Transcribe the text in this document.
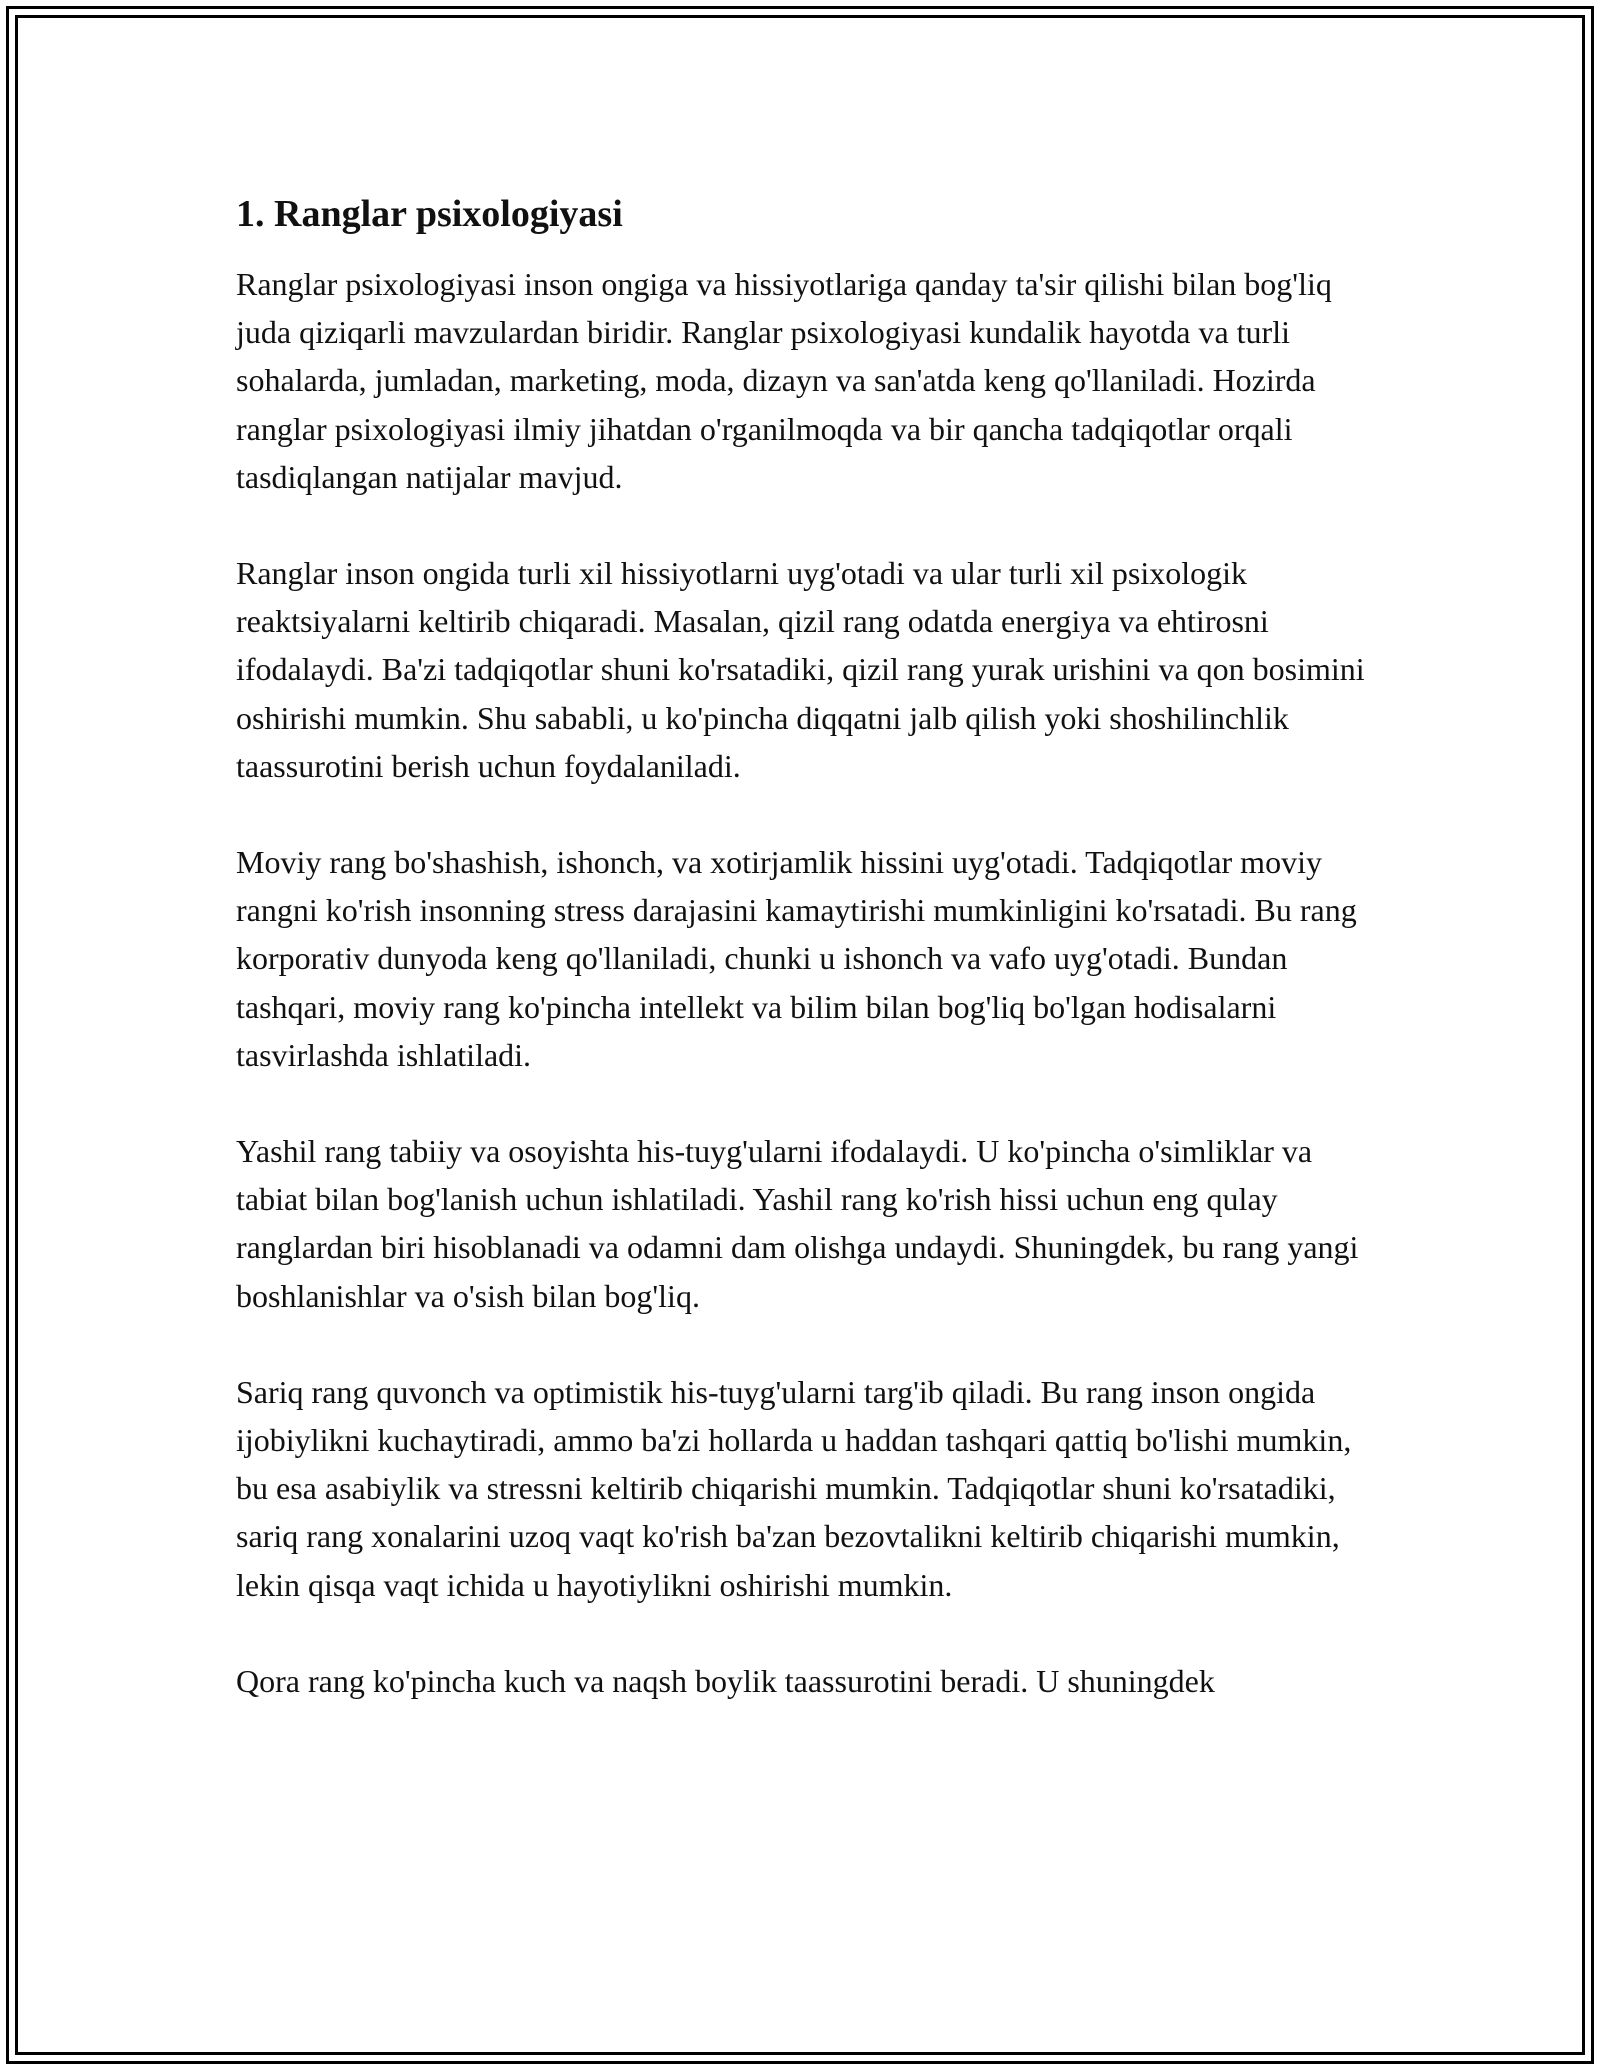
1. Ranglar psixologiyasi

Ranglar psixologiyasi inson ongiga va hissiyotlariga qanday ta'sir qilishi bilan bog'liq juda qiziqarli mavzulardan biridir. Ranglar psixologiyasi kundalik hayotda va turli sohalarda, jumladan, marketing, moda, dizayn va san'atda keng qo'llaniladi. Hozirda ranglar psixologiyasi ilmiy jihatdan o'rganilmoqda va bir qancha tadqiqotlar orqali tasdiqlangan natijalar mavjud.

Ranglar inson ongida turli xil hissiyotlarni uyg'otadi va ular turli xil psixologik reaktsiyalarni keltirib chiqaradi. Masalan, qizil rang odatda energiya va ehtirosni ifodalaydi. Ba'zi tadqiqotlar shuni ko'rsatadiki, qizil rang yurak urishini va qon bosimini oshirishi mumkin. Shu sababli, u ko'pincha diqqatni jalb qilish yoki shoshilinchlik taassurotini berish uchun foydalaniladi.

Moviy rang bo'shashish, ishonch, va xotirjamlik hissini uyg'otadi. Tadqiqotlar moviy rangni ko'rish insonning stress darajasini kamaytirishi mumkinligini ko'rsatadi. Bu rang korporativ dunyoda keng qo'llaniladi, chunki u ishonch va vafo uyg'otadi. Bundan tashqari, moviy rang ko'pincha intellekt va bilim bilan bog'liq bo'lgan hodisalarni tasvirlashda ishlatiladi.

Yashil rang tabiiy va osoyishta his-tuyg'ularni ifodalaydi. U ko'pincha o'simliklar va tabiat bilan bog'lanish uchun ishlatiladi. Yashil rang ko'rish hissi uchun eng qulay ranglardan biri hisoblanadi va odamni dam olishga undaydi. Shuningdek, bu rang yangi boshlanishlar va o'sish bilan bog'liq.

Sariq rang quvonch va optimistik his-tuyg'ularni targ'ib qiladi. Bu rang inson ongida ijobiylikni kuchaytiradi, ammo ba'zi hollarda u haddan tashqari qattiq bo'lishi mumkin, bu esa asabiylik va stressni keltirib chiqarishi mumkin. Tadqiqotlar shuni ko'rsatadiki, sariq rang xonalarini uzoq vaqt ko'rish ba'zan bezovtalikni keltirib chiqarishi mumkin, lekin qisqa vaqt ichida u hayotiylikni oshirishi mumkin.

Qora rang ko'pincha kuch va naqsh boylik taassurotini beradi. U shuningdek
